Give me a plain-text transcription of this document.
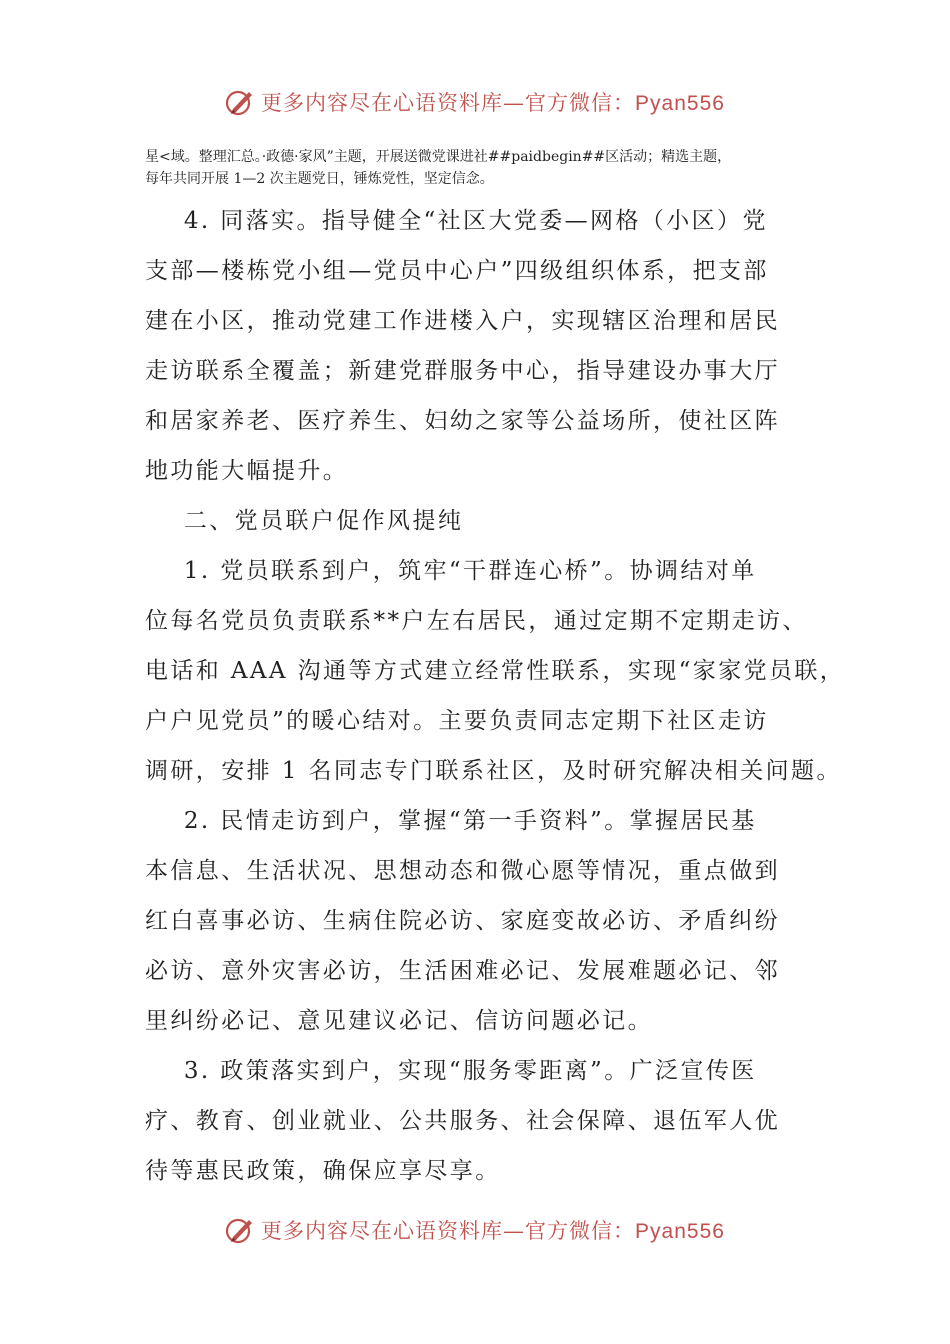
更多内容尽在心语资料库—官方微信：Pyan556
星<域。整理汇总。·政德·家风”主题，开展送微党课进社##paidbegin##区活动；精选主题，
每年共同开展 1—2 次主题党日，锤炼党性，坚定信念。

4. 同落实。指导健全“社区大党委—网格（小区）党

支部—楼栋党小组—党员中心户”四级组织体系，把支部

建在小区，推动党建工作进楼入户，实现辖区治理和居民

走访联系全覆盖；新建党群服务中心，指导建设办事大厅

和居家养老、医疗养生、妇幼之家等公益场所，使社区阵

地功能大幅提升。

二、党员联户促作风提纯

1. 党员联系到户，筑牢“干群连心桥”。协调结对单

位每名党员负责联系**户左右居民，通过定期不定期走访、

电话和 AAA 沟通等方式建立经常性联系，实现“家家党员联，

户户见党员”的暖心结对。主要负责同志定期下社区走访

调研，安排 1 名同志专门联系社区，及时研究解决相关问题。

2. 民情走访到户，掌握“第一手资料”。掌握居民基

本信息、生活状况、思想动态和微心愿等情况，重点做到

红白喜事必访、生病住院必访、家庭变故必访、矛盾纠纷

必访、意外灾害必访，生活困难必记、发展难题必记、邻

里纠纷必记、意见建议必记、信访问题必记。

3. 政策落实到户，实现“服务零距离”。广泛宣传医

疗、教育、创业就业、公共服务、社会保障、退伍军人优

待等惠民政策，确保应享尽享。

更多内容尽在心语资料库—官方微信：Pyan556
